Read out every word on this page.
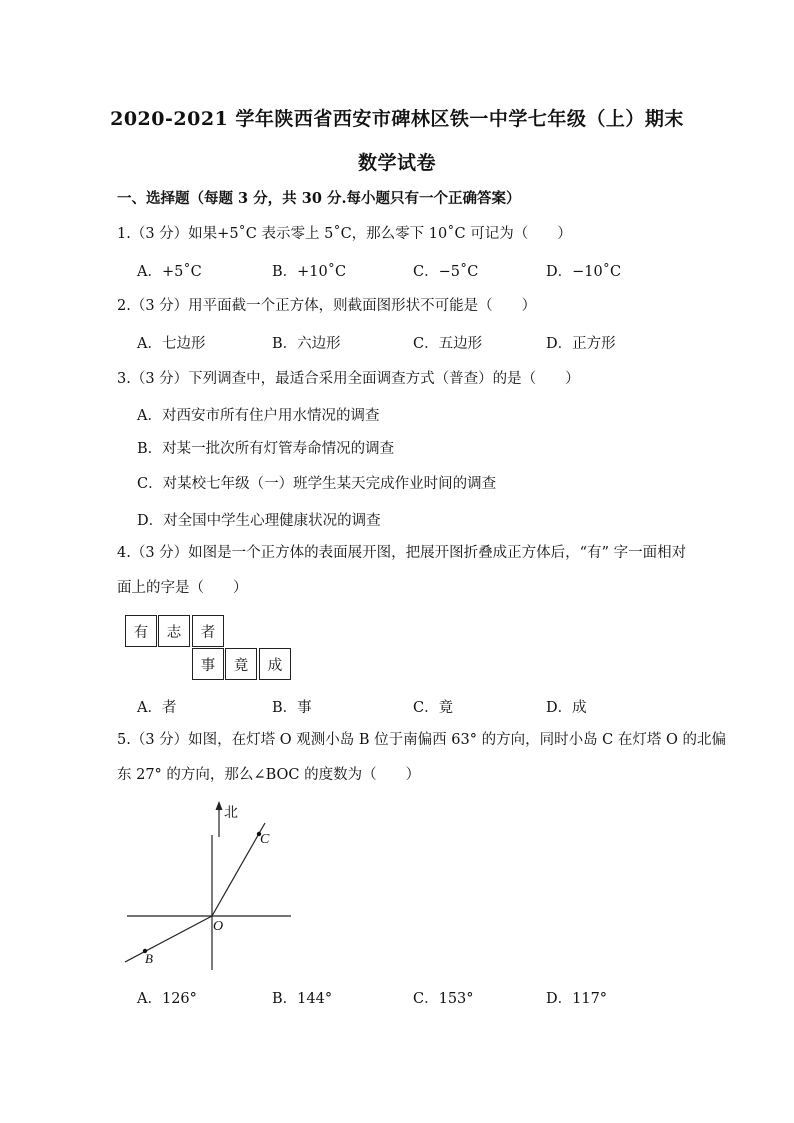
2020-2021 学年陕西省西安市碑林区铁一中学七年级（上）期末
数学试卷
一、选择题（每题 3 分，共 30 分.每小题只有一个正确答案）
1.（3 分）如果+5˚C 表示零上 5˚C，那么零下 10˚C 可记为（　　）
A．+5˚C	B．+10˚C	C．−5˚C	D．−10˚C
2.（3 分）用平面截一个正方体，则截面图形状不可能是（　　）
A．七边形	B．六边形	C．五边形	D．正方形
3.（3 分）下列调查中，最适合采用全面调查方式（普查）的是（　　）
A．对西安市所有住户用水情况的调查
B．对某一批次所有灯管寿命情况的调查
C．对某校七年级（一）班学生某天完成作业时间的调查
D．对全国中学生心理健康状况的调查
4.（3 分）如图是一个正方体的表面展开图，把展开图折叠成正方体后，“有” 字一面相对
面上的字是（　　）
有	志	者
事	竟	成
A．者	B．事	C．竟	D．成
5.（3 分）如图，在灯塔 O 观测小岛 B 位于南偏西 63° 的方向，同时小岛 C 在灯塔 O 的北偏
东 27° 的方向，那么∠BOC 的度数为（　　）
北
C
O
B
A．126°	B．144°	C．153°	D．117°
